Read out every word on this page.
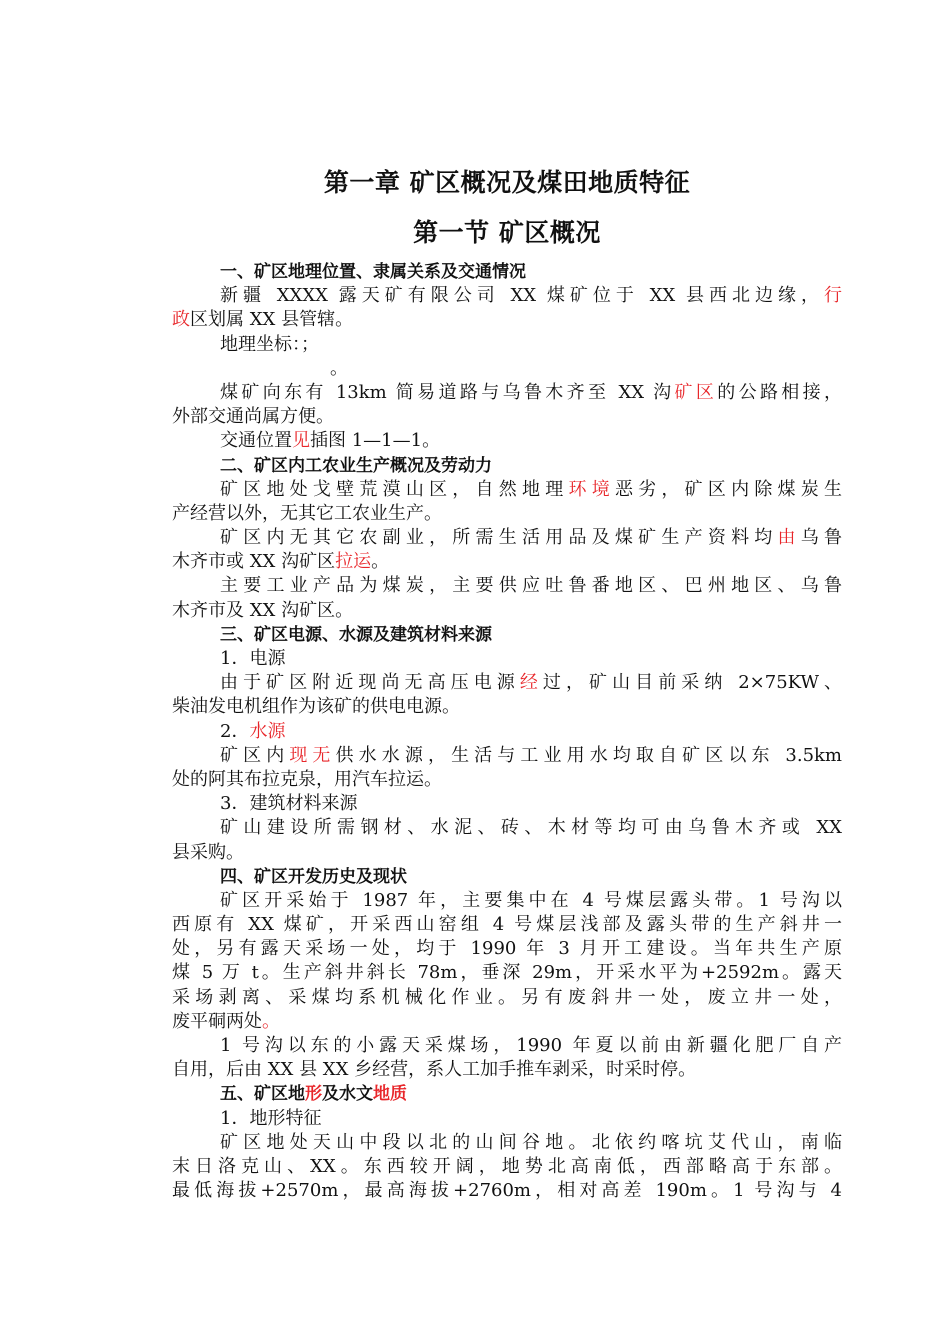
第一章 矿区概况及煤田地质特征
第一节 矿区概况
一、矿区地理位置、隶属关系及交通情况
新疆 XXXX 露天矿有限公司 XX 煤矿位于 XX 县西北边缘，行
政区划属 XX 县管辖。
地理坐标：；
。
煤矿向东有 13km 简易道路与乌鲁木齐至 XX 沟矿区的公路相接，
外部交通尚属方便。
交通位置见插图 1—1—1。
二、矿区内工农业生产概况及劳动力
矿区地处戈壁荒漠山区，自然地理环境恶劣，矿区内除煤炭生
产经营以外，无其它工农业生产。
矿区内无其它农副业，所需生活用品及煤矿生产资料均由乌鲁
木齐市或 XX 沟矿区拉运。
主要工业产品为煤炭，主要供应吐鲁番地区、巴州地区、乌鲁
木齐市及 XX 沟矿区。
三、矿区电源、水源及建筑材料来源
1．电源
由于矿区附近现尚无高压电源经过，矿山目前采纳 2×75KW、
柴油发电机组作为该矿的供电电源。
2．水源
矿区内现无供水水源，生活与工业用水均取自矿区以东 3.5km
处的阿其布拉克泉，用汽车拉运。
3．建筑材料来源
矿山建设所需钢材、水泥、砖、木材等均可由乌鲁木齐或 XX
县采购。
四、矿区开发历史及现状
矿区开采始于 1987 年，主要集中在 4 号煤层露头带。1 号沟以
西原有 XX 煤矿，开采西山窑组 4 号煤层浅部及露头带的生产斜井一
处，另有露天采场一处，均于 1990 年 3 月开工建设。当年共生产原
煤 5 万 t。生产斜井斜长 78m，垂深 29m，开采水平为+2592m。露天
采场剥离、采煤均系机械化作业。另有废斜井一处，废立井一处，
废平硐两处。
1 号沟以东的小露天采煤场，1990 年夏以前由新疆化肥厂自产
自用，后由 XX 县 XX 乡经营，系人工加手推车剥采，时采时停。
五、矿区地形及水文地质
1．地形特征
矿区地处天山中段以北的山间谷地。北依约喀坑艾代山，南临
末日洛克山、XX。东西较开阔，地势北高南低，西部略高于东部。
最低海拔+2570m，最高海拔+2760m，相对高差 190m。1 号沟与 4
